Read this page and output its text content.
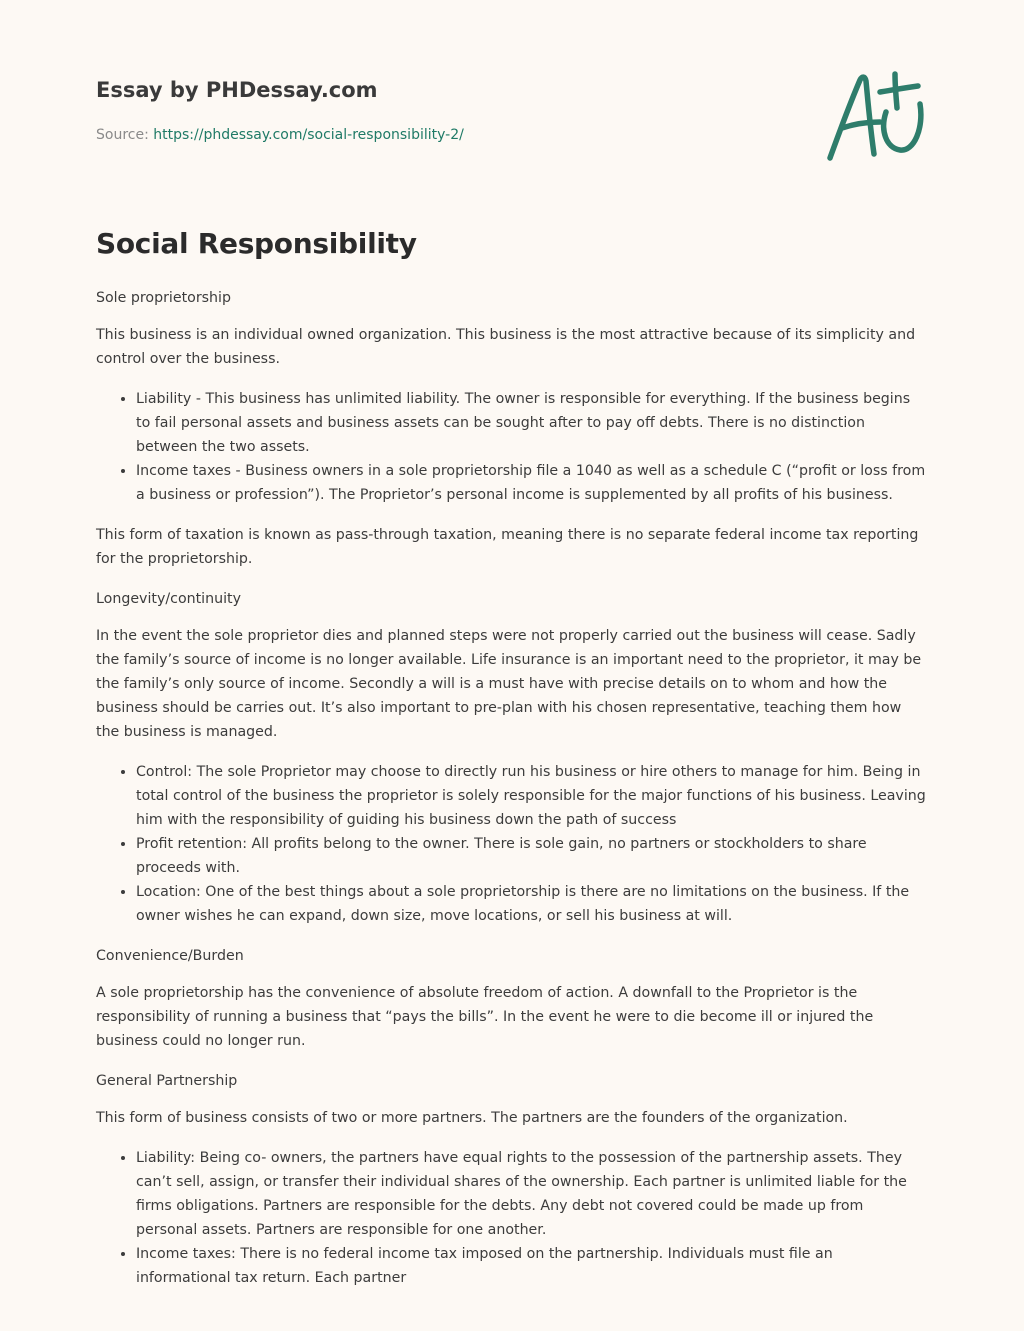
Essay by PHDessay.com
Source: https://phdessay.com/social-responsibility-2/
Social Responsibility

Sole proprietorship

This business is an individual owned organization. This business is the most attractive because of its simplicity and control over the business.

• Liability - This business has unlimited liability. The owner is responsible for everything. If the business begins to fail personal assets and business assets can be sought after to pay off debts. There is no distinction between the two assets.
• Income taxes - Business owners in a sole proprietorship file a 1040 as well as a schedule C (“profit or loss from a business or profession”). The Proprietor’s personal income is supplemented by all profits of his business.

This form of taxation is known as pass-through taxation, meaning there is no separate federal income tax reporting for the proprietorship.

Longevity/continuity

In the event the sole proprietor dies and planned steps were not properly carried out the business will cease. Sadly the family’s source of income is no longer available. Life insurance is an important need to the proprietor, it may be the family’s only source of income. Secondly a will is a must have with precise details on to whom and how the business should be carries out. It’s also important to pre-plan with his chosen representative, teaching them how the business is managed.

• Control: The sole Proprietor may choose to directly run his business or hire others to manage for him. Being in total control of the business the proprietor is solely responsible for the major functions of his business. Leaving him with the responsibility of guiding his business down the path of success
• Profit retention: All profits belong to the owner. There is sole gain, no partners or stockholders to share proceeds with.
• Location: One of the best things about a sole proprietorship is there are no limitations on the business. If the owner wishes he can expand, down size, move locations, or sell his business at will.

Convenience/Burden

A sole proprietorship has the convenience of absolute freedom of action. A downfall to the Proprietor is the responsibility of running a business that “pays the bills”. In the event he were to die become ill or injured the business could no longer run.

General Partnership

This form of business consists of two or more partners. The partners are the founders of the organization.

• Liability: Being co- owners, the partners have equal rights to the possession of the partnership assets. They can’t sell, assign, or transfer their individual shares of the ownership. Each partner is unlimited liable for the firms obligations. Partners are responsible for the debts. Any debt not covered could be made up from personal assets. Partners are responsible for one another.
• Income taxes: There is no federal income tax imposed on the partnership. Individuals must file an informational tax return. Each partner
